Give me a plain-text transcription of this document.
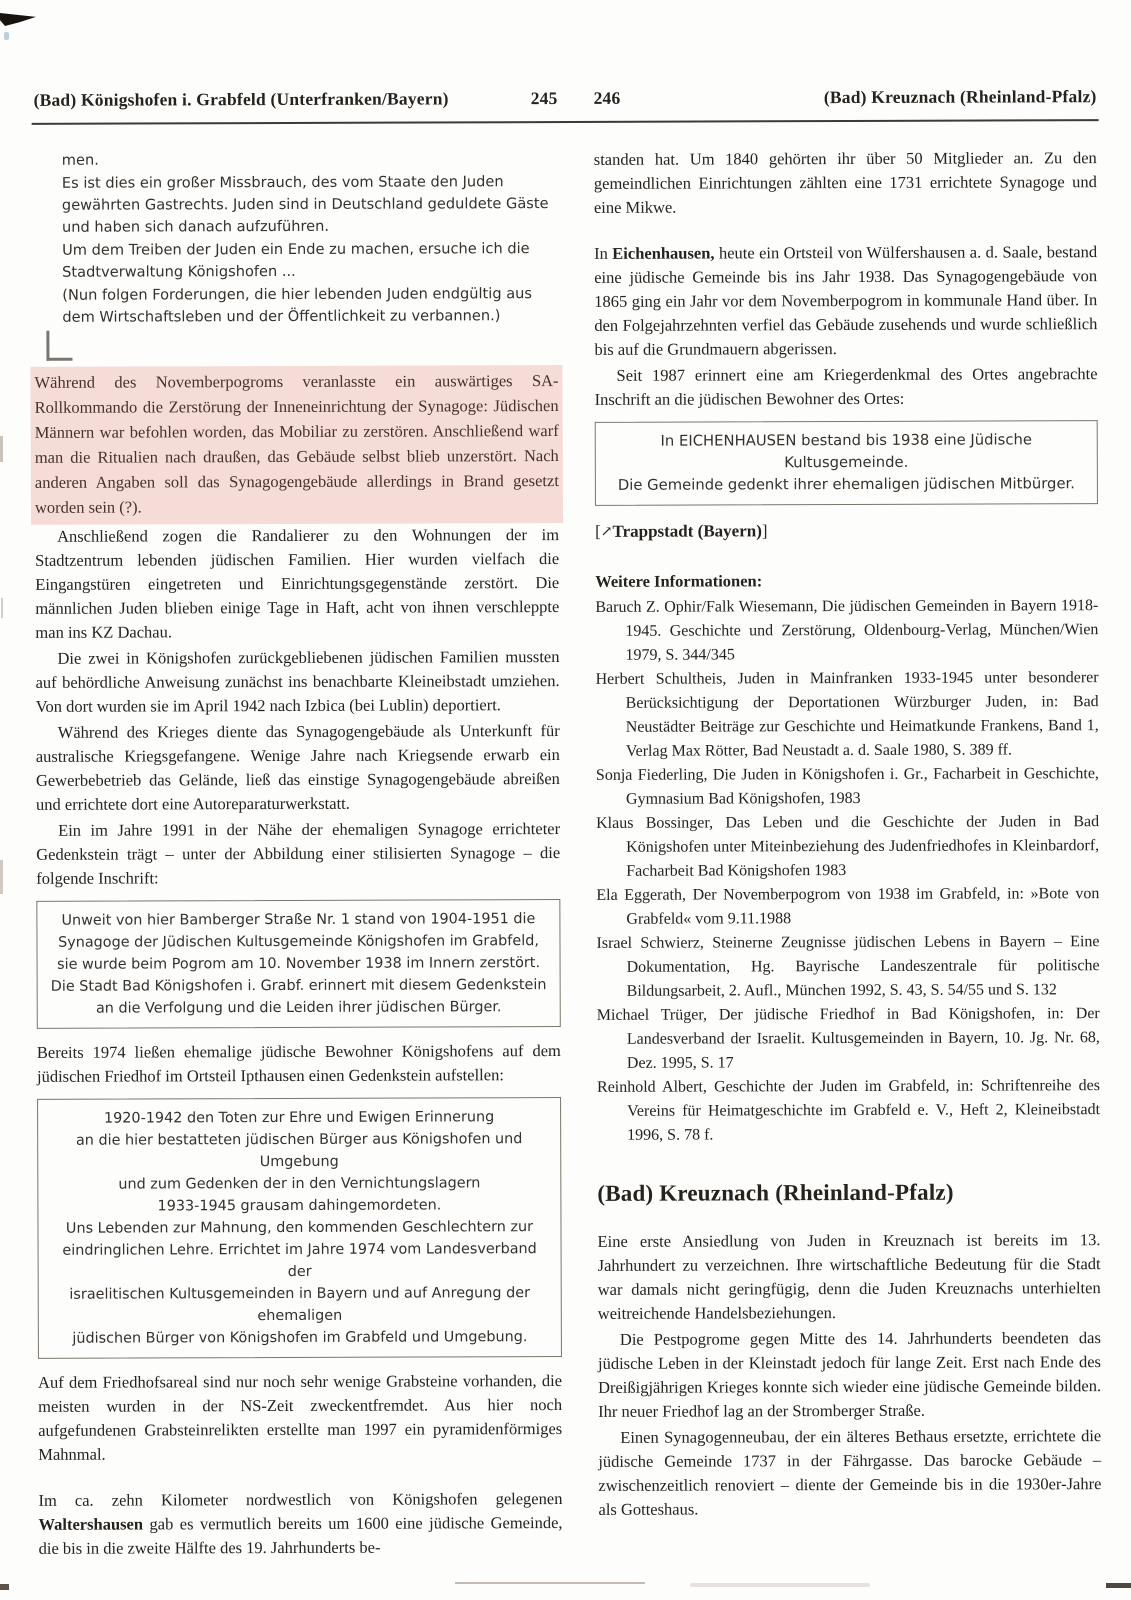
(Bad) Königshofen i. Grabfeld (Unterfranken/Bayern)	245 246	(Bad) Kreuznach (Rheinland-Pfalz)
men.
Es ist dies ein großer Missbrauch, des vom Staate den Juden gewährten Gastrechts. Juden sind in Deutschland geduldete Gäste und haben sich danach aufzuführen.
Um dem Treiben der Juden ein Ende zu machen, ersuche ich die Stadtverwaltung Königshofen ...
(Nun folgen Forderungen, die hier lebenden Juden endgültig aus dem Wirtschaftsleben und der Öffentlichkeit zu verbannen.)
Während des Novemberpogroms veranlasste ein auswärtiges SA-Rollkommando die Zerstörung der Inneneinrichtung der Synagoge: Jüdischen Männern war befohlen worden, das Mobiliar zu zerstören. Anschließend warf man die Ritualien nach draußen, das Gebäude selbst blieb unzerstört. Nach anderen Angaben soll das Synagogengebäude allerdings in Brand gesetzt worden sein (?).
Anschließend zogen die Randalierer zu den Wohnungen der im Stadtzentrum lebenden jüdischen Familien. Hier wurden vielfach die Eingangstüren eingetreten und Einrichtungsgegenstände zerstört. Die männlichen Juden blieben einige Tage in Haft, acht von ihnen verschleppte man ins KZ Dachau.
Die zwei in Königshofen zurückgebliebenen jüdischen Familien mussten auf behördliche Anweisung zunächst ins benachbarte Kleineibstadt umziehen. Von dort wurden sie im April 1942 nach Izbica (bei Lublin) deportiert.
Während des Krieges diente das Synagogengebäude als Unterkunft für australische Kriegsgefangene. Wenige Jahre nach Kriegsende erwarb ein Gewerbebetrieb das Gelände, ließ das einstige Synagogengebäude abreißen und errichtete dort eine Autoreparaturwerkstatt.
Ein im Jahre 1991 in der Nähe der ehemaligen Synagoge errichteter Gedenkstein trägt – unter der Abbildung einer stilisierten Synagoge – die folgende Inschrift:
Unweit von hier Bamberger Straße Nr. 1 stand von 1904-1951 die
Synagoge der Jüdischen Kultusgemeinde Königshofen im Grabfeld,
sie wurde beim Pogrom am 10. November 1938 im Innern zerstört.
Die Stadt Bad Königshofen i. Grabf. erinnert mit diesem Gedenkstein
an die Verfolgung und die Leiden ihrer jüdischen Bürger.
Bereits 1974 ließen ehemalige jüdische Bewohner Königshofens auf dem jüdischen Friedhof im Ortsteil Ipthausen einen Gedenkstein aufstellen:
1920-1942 den Toten zur Ehre und Ewigen Erinnerung
an die hier bestatteten jüdischen Bürger aus Königshofen und Umgebung
und zum Gedenken der in den Vernichtungslagern
1933-1945 grausam dahingemordeten.
Uns Lebenden zur Mahnung, den kommenden Geschlechtern zur
eindringlichen Lehre. Errichtet im Jahre 1974 vom Landesverband der
israelitischen Kultusgemeinden in Bayern und auf Anregung der ehemaligen
jüdischen Bürger von Königshofen im Grabfeld und Umgebung.
Auf dem Friedhofsareal sind nur noch sehr wenige Grabsteine vorhanden, die meisten wurden in der NS-Zeit zweckentfremdet. Aus hier noch aufgefundenen Grabsteinrelikten erstellte man 1997 ein pyramidenförmiges Mahnmal.
Im ca. zehn Kilometer nordwestlich von Königshofen gelegenen Waltershausen gab es vermutlich bereits um 1600 eine jüdische Gemeinde, die bis in die zweite Hälfte des 19. Jahrhunderts be-
standen hat. Um 1840 gehörten ihr über 50 Mitglieder an. Zu den gemeindlichen Einrichtungen zählten eine 1731 errichtete Synagoge und eine Mikwe.
In Eichenhausen, heute ein Ortsteil von Wülfershausen a. d. Saale, bestand eine jüdische Gemeinde bis ins Jahr 1938. Das Synagogengebäude von 1865 ging ein Jahr vor dem Novemberpogrom in kommunale Hand über. In den Folgejahrzehnten verfiel das Gebäude zusehends und wurde schließlich bis auf die Grundmauern abgerissen.
Seit 1987 erinnert eine am Kriegerdenkmal des Ortes angebrachte Inschrift an die jüdischen Bewohner des Ortes:
In EICHENHAUSEN bestand bis 1938 eine Jüdische Kultusgemeinde.
Die Gemeinde gedenkt ihrer ehemaligen jüdischen Mitbürger.
[↗Trappstadt (Bayern)]
Weitere Informationen:
Baruch Z. Ophir/Falk Wiesemann, Die jüdischen Gemeinden in Bayern 1918-1945. Geschichte und Zerstörung, Oldenbourg-Verlag, München/Wien 1979, S. 344/345
Herbert Schultheis, Juden in Mainfranken 1933-1945 unter besonderer Berücksichtigung der Deportationen Würzburger Juden, in: Bad Neustädter Beiträge zur Geschichte und Heimatkunde Frankens, Band 1, Verlag Max Rötter, Bad Neustadt a. d. Saale 1980, S. 389 ff.
Sonja Fiederling, Die Juden in Königshofen i. Gr., Facharbeit in Geschichte, Gymnasium Bad Königshofen, 1983
Klaus Bossinger, Das Leben und die Geschichte der Juden in Bad Königshofen unter Miteinbeziehung des Judenfriedhofes in Kleinbardorf, Facharbeit Bad Königshofen 1983
Ela Eggerath, Der Novemberpogrom von 1938 im Grabfeld, in: »Bote von Grabfeld« vom 9.11.1988
Israel Schwierz, Steinerne Zeugnisse jüdischen Lebens in Bayern – Eine Dokumentation, Hg. Bayrische Landeszentrale für politische Bildungsarbeit, 2. Aufl., München 1992, S. 43, S. 54/55 und S. 132
Michael Trüger, Der jüdische Friedhof in Bad Königshofen, in: Der Landesverband der Israelit. Kultusgemeinden in Bayern, 10. Jg. Nr. 68, Dez. 1995, S. 17
Reinhold Albert, Geschichte der Juden im Grabfeld, in: Schriftenreihe des Vereins für Heimatgeschichte im Grabfeld e. V., Heft 2, Kleineibstadt 1996, S. 78 f.
(Bad) Kreuznach (Rheinland-Pfalz)
Eine erste Ansiedlung von Juden in Kreuznach ist bereits im 13. Jahrhundert zu verzeichnen. Ihre wirtschaftliche Bedeutung für die Stadt war damals nicht geringfügig, denn die Juden Kreuznachs unterhielten weitreichende Handelsbeziehungen.
Die Pestpogrome gegen Mitte des 14. Jahrhunderts beendeten das jüdische Leben in der Kleinstadt jedoch für lange Zeit. Erst nach Ende des Dreißigjährigen Krieges konnte sich wieder eine jüdische Gemeinde bilden. Ihr neuer Friedhof lag an der Stromberger Straße.
Einen Synagogenneubau, der ein älteres Bethaus ersetzte, errichtete die jüdische Gemeinde 1737 in der Fährgasse. Das barocke Gebäude – zwischenzeitlich renoviert – diente der Gemeinde bis in die 1930er-Jahre als Gotteshaus.
